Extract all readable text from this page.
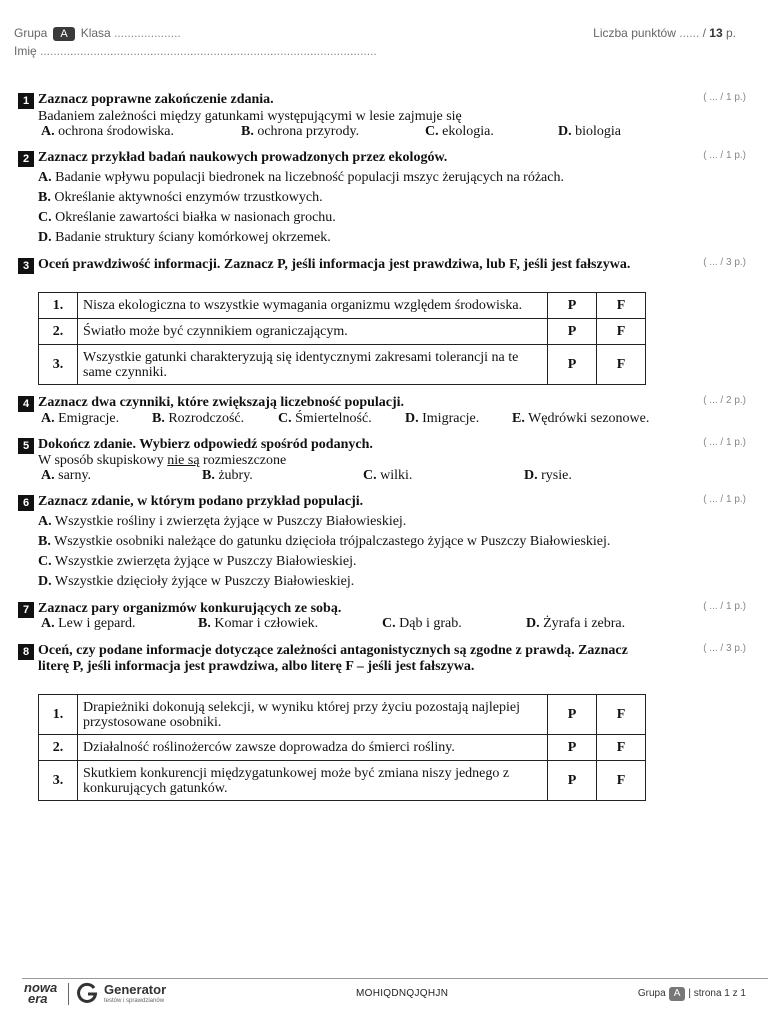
Grupa A Klasa ....................	Liczba punktów ...... / 13 p.
Imię .....................................................................................................
1 Zaznacz poprawne zakończenie zdania.	( ... / 1 p.)
Badaniem zależności między gatunkami występującymi w lesie zajmuje się
A. ochrona środowiska.	B. ochrona przyrody.	C. ekologia.	D. biologia
2 Zaznacz przykład badań naukowych prowadzonych przez ekologów.	( ... / 1 p.)
A. Badanie wpływu populacji biedronek na liczebność populacji mszyc żerujących na różach.
B. Określanie aktywności enzymów trzustkowych.
C. Określanie zawartości białka w nasionach grochu.
D. Badanie struktury ściany komórkowej okrzemek.
3 Oceń prawdziwość informacji. Zaznacz P, jeśli informacja jest prawdziwa, lub F, jeśli jest fałszywa.	( ... / 3 p.)
1.	Nisza ekologiczna to wszystkie wymagania organizmu względem środowiska.	P	F
2.	Światło może być czynnikiem ograniczającym.	P	F
3.	Wszystkie gatunki charakteryzują się identycznymi zakresami tolerancji na te same czynniki.	P	F
4 Zaznacz dwa czynniki, które zwiększają liczebność populacji.	( ... / 2 p.)
A. Emigracje. B. Rozrodczość. C. Śmiertelność. D. Imigracje. E. Wędrówki sezonowe.
5 Dokończ zdanie. Wybierz odpowiedź spośród podanych.	( ... / 1 p.)
W sposób skupiskowy nie są rozmieszczone
A. sarny.	B. żubry.	C. wilki.	D. rysie.
6 Zaznacz zdanie, w którym podano przykład populacji.	( ... / 1 p.)
A. Wszystkie rośliny i zwierzęta żyjące w Puszczy Białowieskiej.
B. Wszystkie osobniki należące do gatunku dzięcioła trójpalczastego żyjące w Puszczy Białowieskiej.
C. Wszystkie zwierzęta żyjące w Puszczy Białowieskiej.
D. Wszystkie dzięcioły żyjące w Puszczy Białowieskiej.
7 Zaznacz pary organizmów konkurujących ze sobą.	( ... / 1 p.)
A. Lew i gepard.	B. Komar i człowiek.	C. Dąb i grab.	D. Żyrafa i zebra.
8 Oceń, czy podane informacje dotyczące zależności antagonistycznych są zgodne z prawdą. Zaznacz
literę P, jeśli informacja jest prawdziwa, albo literę F – jeśli jest fałszywa.
( ... / 3 p.)
1.	Drapieżniki dokonują selekcji, w wyniku której przy życiu pozostają najlepiej przystosowane osobniki.	P	F
2.	Działalność roślinożerców zawsze doprowadza do śmierci rośliny.	P	F
3.	Skutkiem konkurencji międzygatunkowej może być zmiana niszy jednego z konkurujących gatunków.	P	F
nowa
era
Generator
testów i sprawdzianów
MOHIQDNQJQHJN	Grupa A | strona 1 z 1
